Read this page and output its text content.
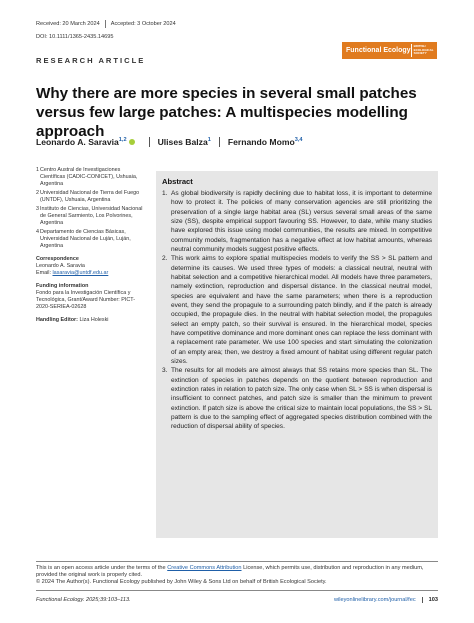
Received: 20 March 2024 Accepted: 3 October 2024
DOI: 10.1111/1365-2435.14695
RESEARCH ARTICLE
Functional Ecology
BRITISH
ECOLOGICAL
SOCIETY
Why there are more species in several small patches versus few large patches: A multispecies modelling approach
Leonardo A. Saravia$^{1,2}$	Ulises Balza$^1$ Fernando Momo$^{3,4}$
1 Centro Austral de Investigaciones Científicas (CADIC-CONICET), Ushuaia, Argentina
2 Universidad Nacional de Tierra del Fuego (UNTDF), Ushuaia, Argentina
3 Instituto de Ciencias, Universidad Nacional de General Sarmiento, Los Polvorines, Argentina
4 Departamento de Ciencias Básicas, Universidad Nacional de Luján, Luján, Argentina
Correspondence
Leonardo A. Saravia
Email: lasaravia@untdf.edu.ar
Funding information
Fondo para la Investigación Científica y Tecnológica, Grant/Award Number: PICT-2020-SERIEA-02628
Handling Editor: Liza Holeski
Abstract
1. As global biodiversity is rapidly declining due to habitat loss, it is important to determine how to protect it. The policies of many conservation agencies are still prioritizing the preservation of a single large habitat area (SL) versus several small areas of the same size (SS), despite empirical support favouring SS. However, to date, while many studies have explored this issue using model communities, the results are mixed. In competitive community models, fragmentation has a negative effect at low habitat amounts, whereas neutral community models suggest positive effects.
2. This work aims to explore spatial multispecies models to verify the SS > SL pattern and determine its causes. We used three types of models: a classical neutral, neutral with habitat selection and a competitive hierarchical model. All models have three parameters, namely extinction, reproduction and dispersal distance. In the classical neutral model, species are equivalent and have the same parameters; when there is a reproduction event, they send the propagule to a surrounding patch blindly, and if the patch is already occupied, the propagule dies. In the neutral with habitat selection model, the propagules select an empty patch, so their survival is ensured. In the hierarchical model, species have competitive dominance and more dominant ones can replace the less dominant with a replacement rate parameter. We use 100 species and start simulating the colonization of an empty area; then, we destroy a fixed amount of habitat using different regular patch sizes.
3. The results for all models are almost always that SS retains more species than SL. The extinction of species in patches depends on the quotient between reproduction and extinction rates in relation to patch size. The only case when SL > SS is when dispersal is insufficient to connect patches, and patch size is smaller than the minimum to prevent extinction. If patch size is above the critical size to maintain local populations, the SS > SL pattern is due to the sampling effect of aggregated species distribution combined with the reduction of dispersal ability of species.
This is an open access article under the terms of the Creative Commons Attribution License, which permits use, distribution and reproduction in any medium, provided the original work is properly cited.
© 2024 The Author(s). Functional Ecology published by John Wiley & Sons Ltd on behalf of British Ecological Society.
Functional Ecology. 2025;39:103–113.	wileyonlinelibrary.com/journal/fec	103
